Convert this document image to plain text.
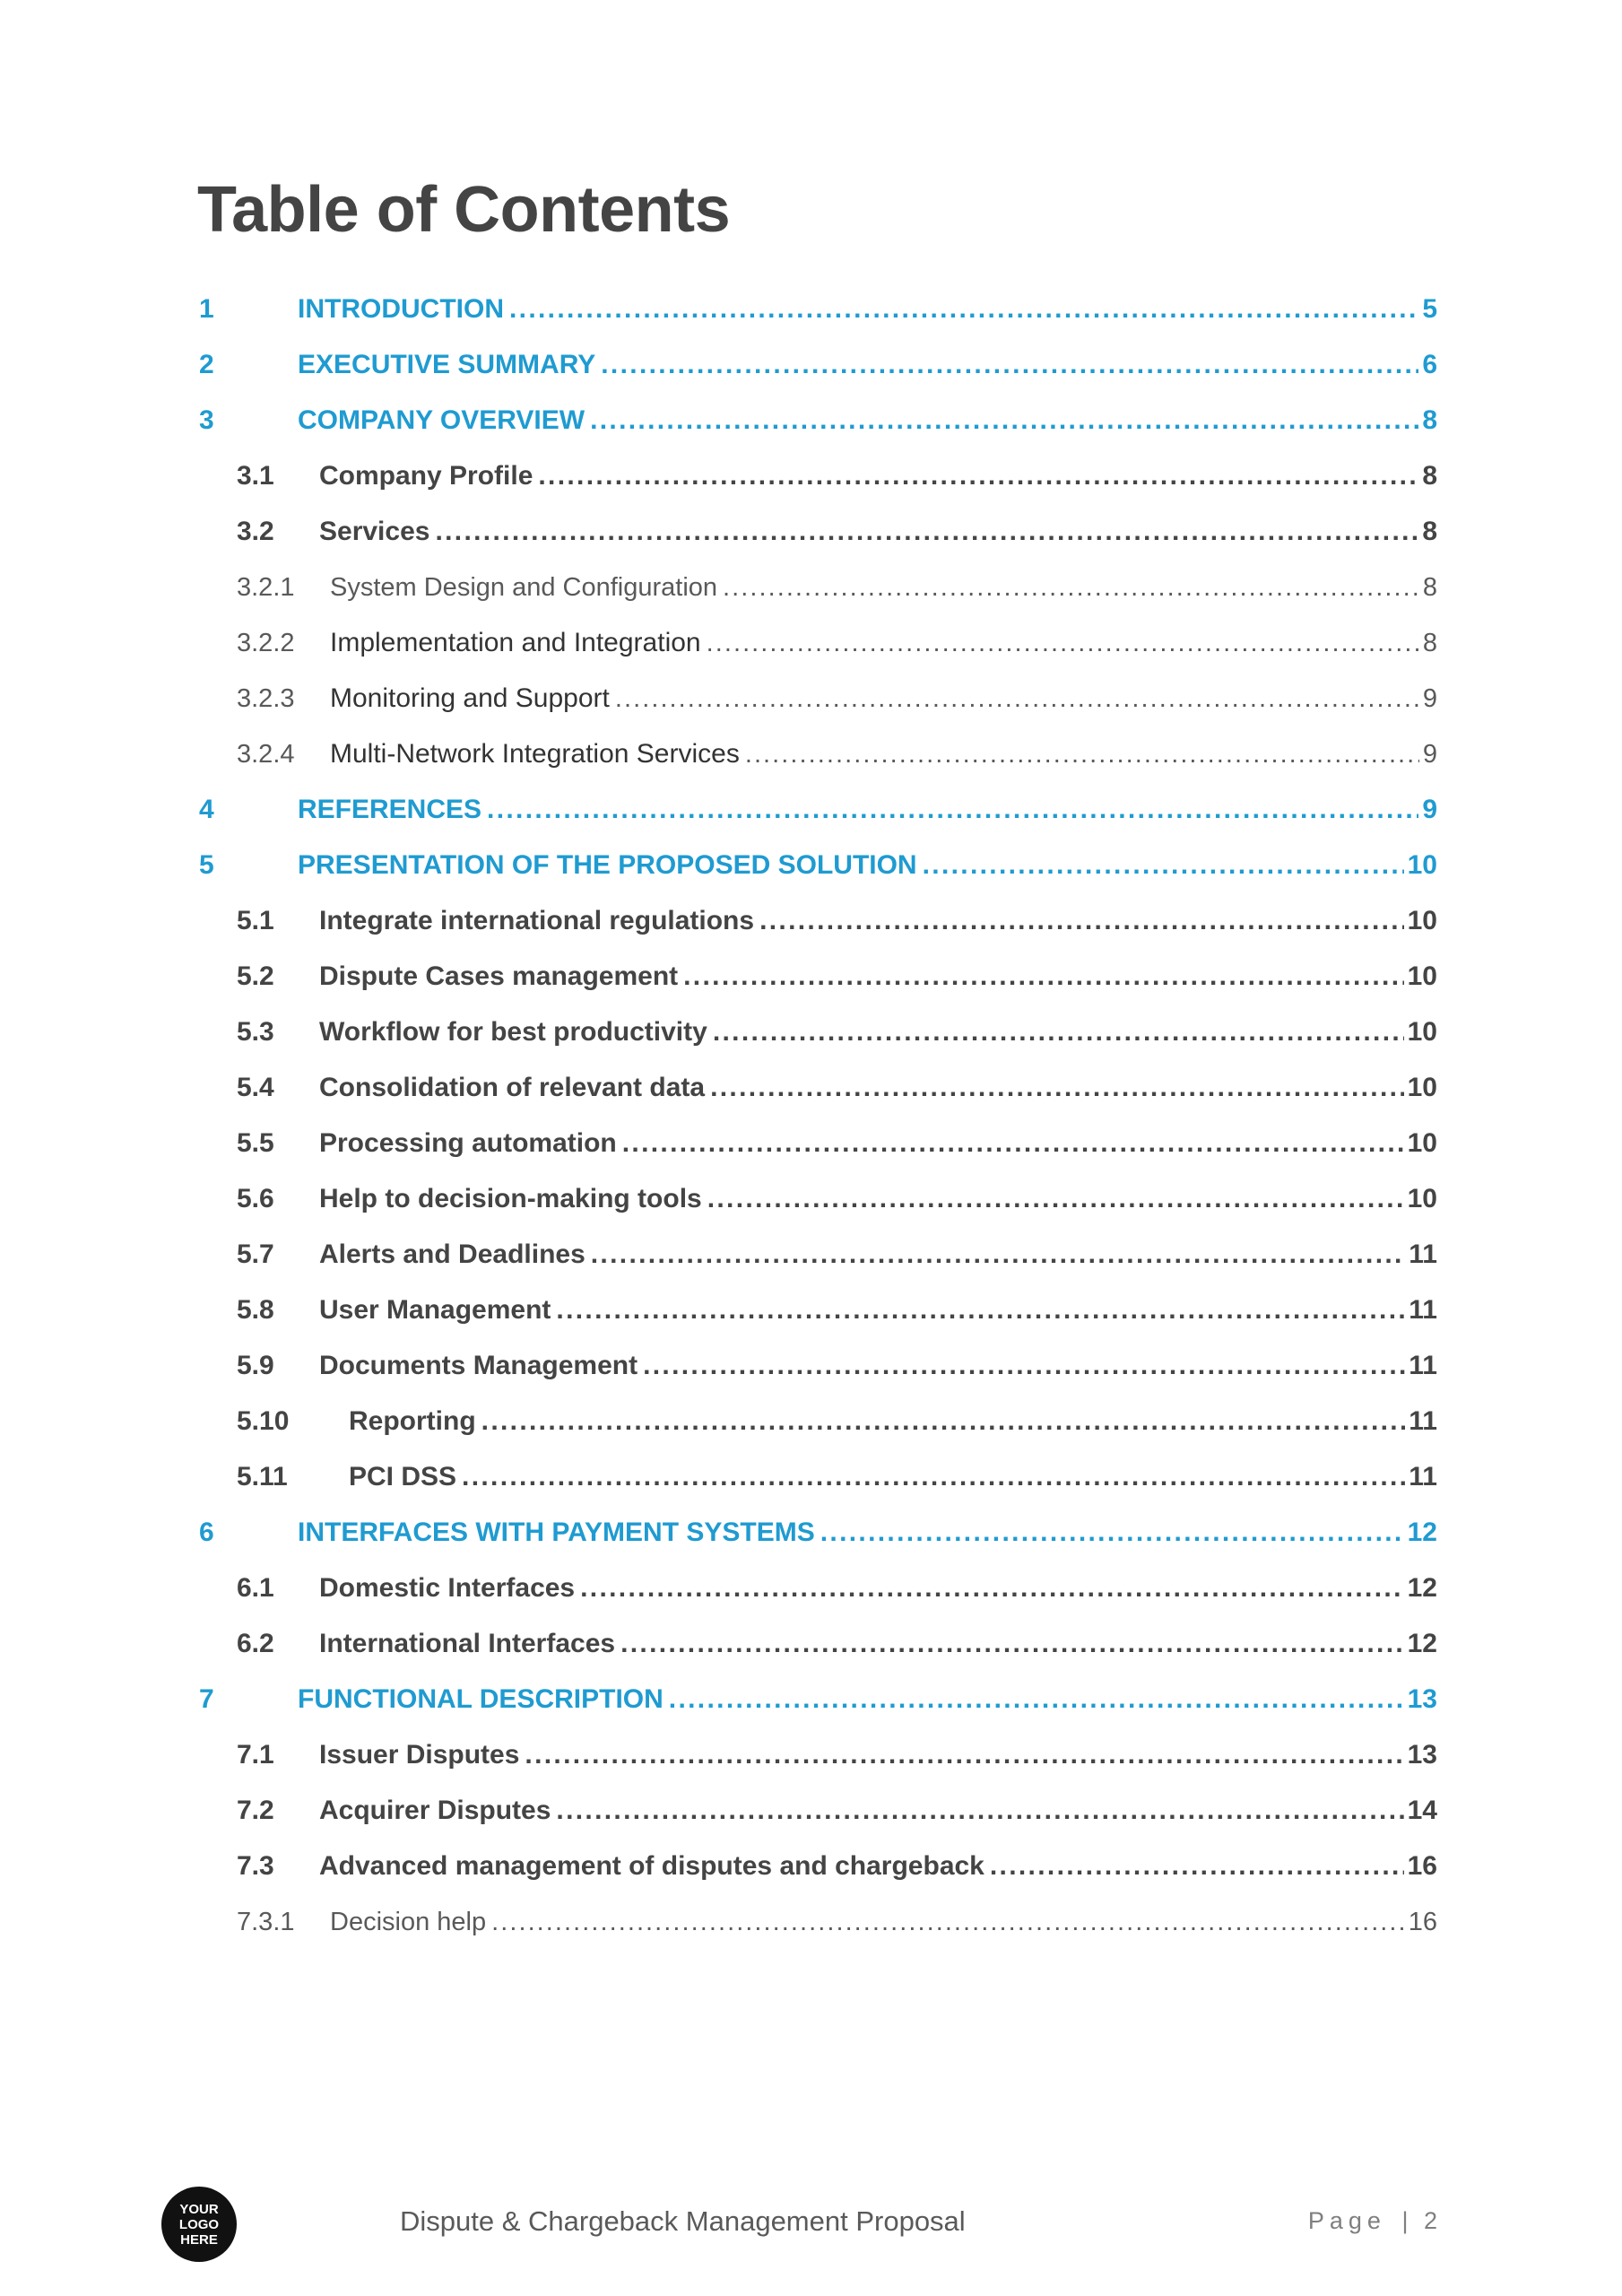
Table of Contents
1	INTRODUCTION . . .	5
2	EXECUTIVE SUMMARY . . .	6
3	COMPANY OVERVIEW . . .	8
3.1	Company Profile . . .	8
3.2	Services . . .	8
3.2.1	System Design and Configuration . . .	8
3.2.2	Implementation and Integration . . .	8
3.2.3	Monitoring and Support . . .	9
3.2.4	Multi-Network Integration Services . . .	9
4	REFERENCES . . .	9
5	PRESENTATION OF THE PROPOSED SOLUTION . . .	10
5.1	Integrate international regulations . . .	10
5.2	Dispute Cases management . . .	10
5.3	Workflow for best productivity . . .	10
5.4	Consolidation of relevant data . . .	10
5.5	Processing automation . . .	10
5.6	Help to decision-making tools . . .	10
5.7	Alerts and Deadlines . . .	11
5.8	User Management . . .	11
5.9	Documents Management . . .	11
5.10	Reporting . . .	11
5.11	PCI DSS . . .	11
6	INTERFACES WITH PAYMENT SYSTEMS . . .	12
6.1	Domestic Interfaces . . .	12
6.2	International Interfaces . . .	12
7	FUNCTIONAL DESCRIPTION . . .	13
7.1	Issuer Disputes . . .	13
7.2	Acquirer Disputes . . .	14
7.3	Advanced management of disputes and chargeback . . .	16
7.3.1	Decision help . . .	16
YOUR
LOGO
HERE
Dispute & Chargeback Management Proposal	Page | 2
